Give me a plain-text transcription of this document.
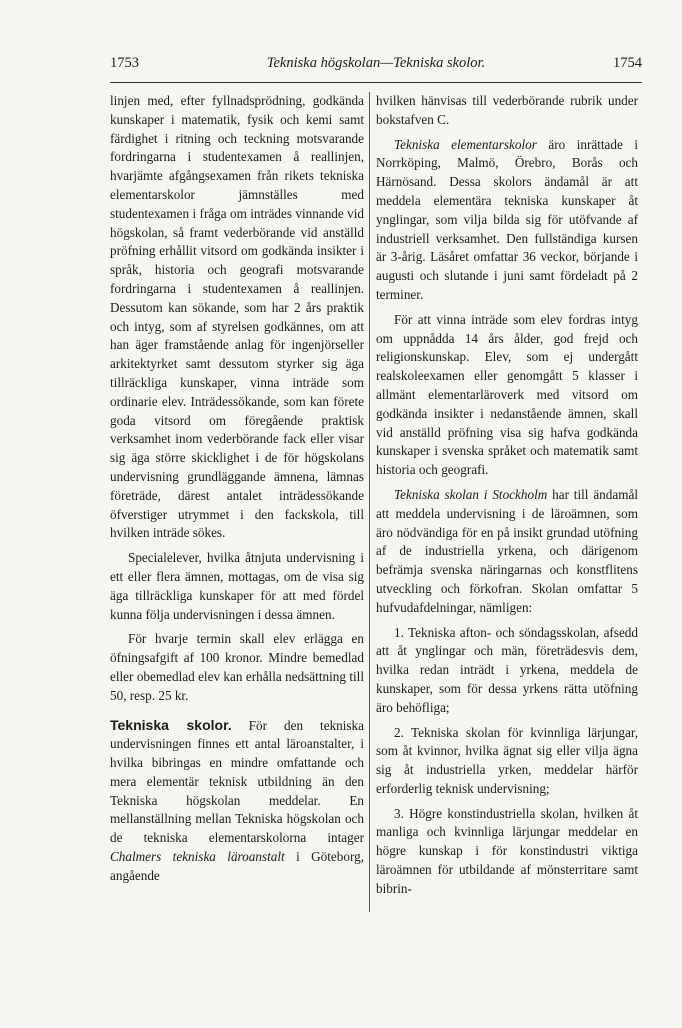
1753	Tekniska högskolan—Tekniska skolor.	1754

linjen med, efter fyllnadsprödning, godkända kunskaper i matematik, fysik och kemi samt färdighet i ritning och teckning motsvarande fordringarna i studentexamen å reallinjen, hvarjämte afgångsexamen från rikets tekniska elementarskolor jämnställes med studentexamen i fråga om inträdes vinnande vid högskolan, så framt vederbörande vid anställd pröfning erhållit vitsord om godkända insikter i språk, historia och geografi motsvarande fordringarna i studentexamen å reallinjen. Dessutom kan sökande, som har 2 års praktik och intyg, som af styrelsen godkännes, om att han äger framstående anlag för ingenjörseller arkitektyrket samt dessutom styrker sig äga tillräckliga kunskaper, vinna inträde som ordinarie elev. Inträdessökande, som kan förete goda vitsord om föregående praktisk verksamhet inom vederbörande fack eller visar sig äga större skicklighet i de för högskolans undervisning grundläggande ämnena, lämnas företräde, därest antalet inträdessökande öfverstiger utrymmet i den fackskola, till hvilken inträde sökes.

Specialelever, hvilka åtnjuta undervisning i ett eller flera ämnen, mottagas, om de visa sig äga tillräckliga kunskaper för att med fördel kunna följa undervisningen i dessa ämnen.

För hvarje termin skall elev erlägga en öfningsafgift af 100 kronor. Mindre bemedlad eller obemedlad elev kan erhålla nedsättning till 50, resp. 25 kr.

Tekniska skolor. För den tekniska undervisningen finnes ett antal läroanstalter, i hvilka bibringas en mindre omfattande och mera elementär teknisk utbildning än den Tekniska högskolan meddelar. En mellanställning mellan Tekniska högskolan och de tekniska elementarskolorna intager Chalmers tekniska läroanstalt i Göteborg, angående

hvilken hänvisas till vederbörande rubrik under bokstafven C.

Tekniska elementarskolor äro inrättade i Norrköping, Malmö, Örebro, Borås och Härnösand. Dessa skolors ändamål är att meddela elementära tekniska kunskaper åt ynglingar, som vilja bilda sig för utöfvande af industriell verksamhet. Den fullständiga kursen är 3-årig. Läsåret omfattar 36 veckor, börjande i augusti och slutande i juni samt fördeladt på 2 terminer.

För att vinna inträde som elev fordras intyg om uppnådda 14 års ålder, god frejd och religionskunskap. Elev, som ej undergått realskoleexamen eller genomgått 5 klasser i allmänt elementarläroverk med vitsord om godkända insikter i nedanstående ämnen, skall vid anställd pröfning visa sig hafva godkända kunskaper i svenska språket och matematik samt historia och geografi.

Tekniska skolan i Stockholm har till ändamål att meddela undervisning i de läroämnen, som äro nödvändiga för en på insikt grundad utöfning af de industriella yrkena, och därigenom befrämja svenska näringarnas och konstflitens utveckling och förkofran. Skolan omfattar 5 hufvudafdelningar, nämligen:

1. Tekniska afton- och söndagsskolan, afsedd att åt ynglingar och män, företrädesvis dem, hvilka redan inträdt i yrkena, meddela de kunskaper, som för dessa yrkens rätta utöfning äro behöfliga;

2. Tekniska skolan för kvinnliga lärjungar, som åt kvinnor, hvilka ägnat sig eller vilja ägna sig åt industriella yrken, meddelar härför erforderlig teknisk undervisning;

3. Högre konstindustriella skolan, hvilken åt manliga och kvinnliga lärjungar meddelar en högre kunskap i för konstindustri viktiga läroämnen för utbildande af mönsterritare samt bibrin-
